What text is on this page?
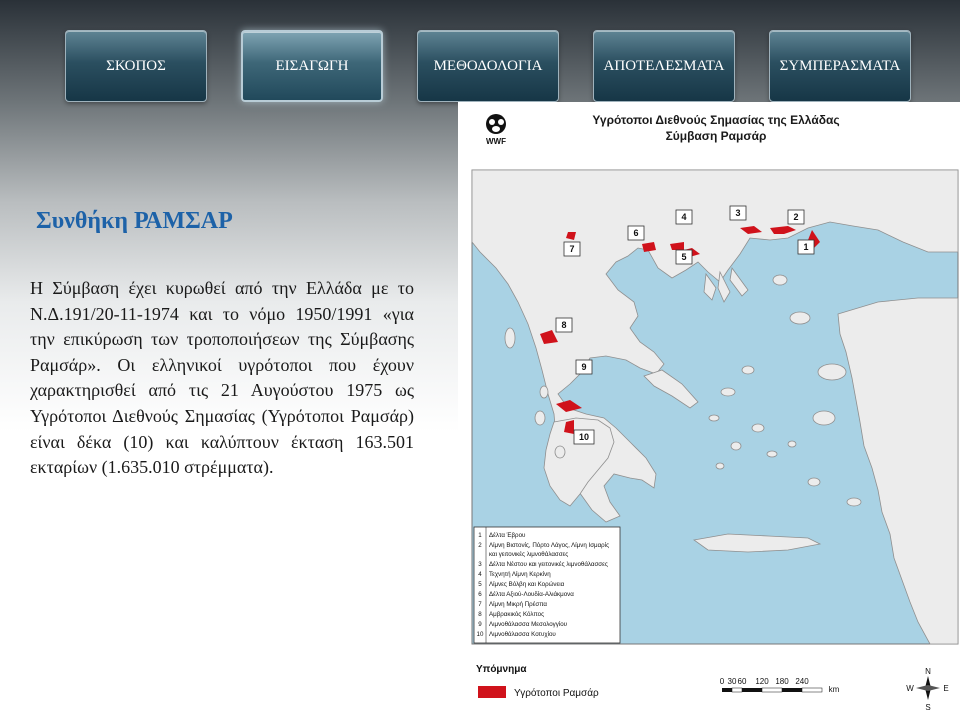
ΣΚΟΠΟΣ	ΕΙΣΑΓΩΓΗ	ΜΕΘΟΔΟΛΟΓΙΑ	ΑΠΟΤΕΛΕΣΜΑΤΑ	ΣΥΜΠΕΡΑΣΜΑΤΑ
Συνθήκη ΡΑΜΣΑΡ

Η Σύμβαση έχει κυρωθεί από την Ελλάδα με το Ν.Δ.191/20-11-1974 και το νόμο 1950/1991 «για την επικύρωση των τροποποιήσεων της Σύμβασης Ραμσάρ». Οι ελληνικοί υγρότοποι που έχουν χαρακτηρισθεί από τις 21 Αυγούστου 1975 ως Υγρότοποι Διεθνούς Σημασίας (Υγρότοποι Ραμσάρ) είναι δέκα (10) και καλύπτουν έκταση 163.501 εκταρίων (1.635.010 στρέμματα).

WWF
Υγρότοποι Διεθνούς Σημασίας της Ελλάδας
Σύμβαση Ραμσάρ
1
2
3
4
5
6
7
8
9
10
1 Δέλτα Έβρου
2 Λίμνη Βιστονίς, Πόρτο Λάγος, Λίμνη Ισμαρίς
και γειτονικές λιμνοθάλασσες
3 Δέλτα Νέστου και γειτονικές λιμνοθάλασσες
4 Τεχνητή Λίμνη Κερκίνη
5 Λίμνες Βόλβη και Κορώνεια
6 Δέλτα Αξιού-Λουδία-Αλιάκμονα
7 Λίμνη Μικρή Πρέσπα
8 Αμβρακικός Κόλπος
9 Λιμνοθάλασσα Μεσολογγίου
10 Λιμνοθάλασσα Κοτυχίου
Υπόμνημα
Υγρότοποι Ραμσάρ
0 30 60 120 180 240
km
N
S
E
W
